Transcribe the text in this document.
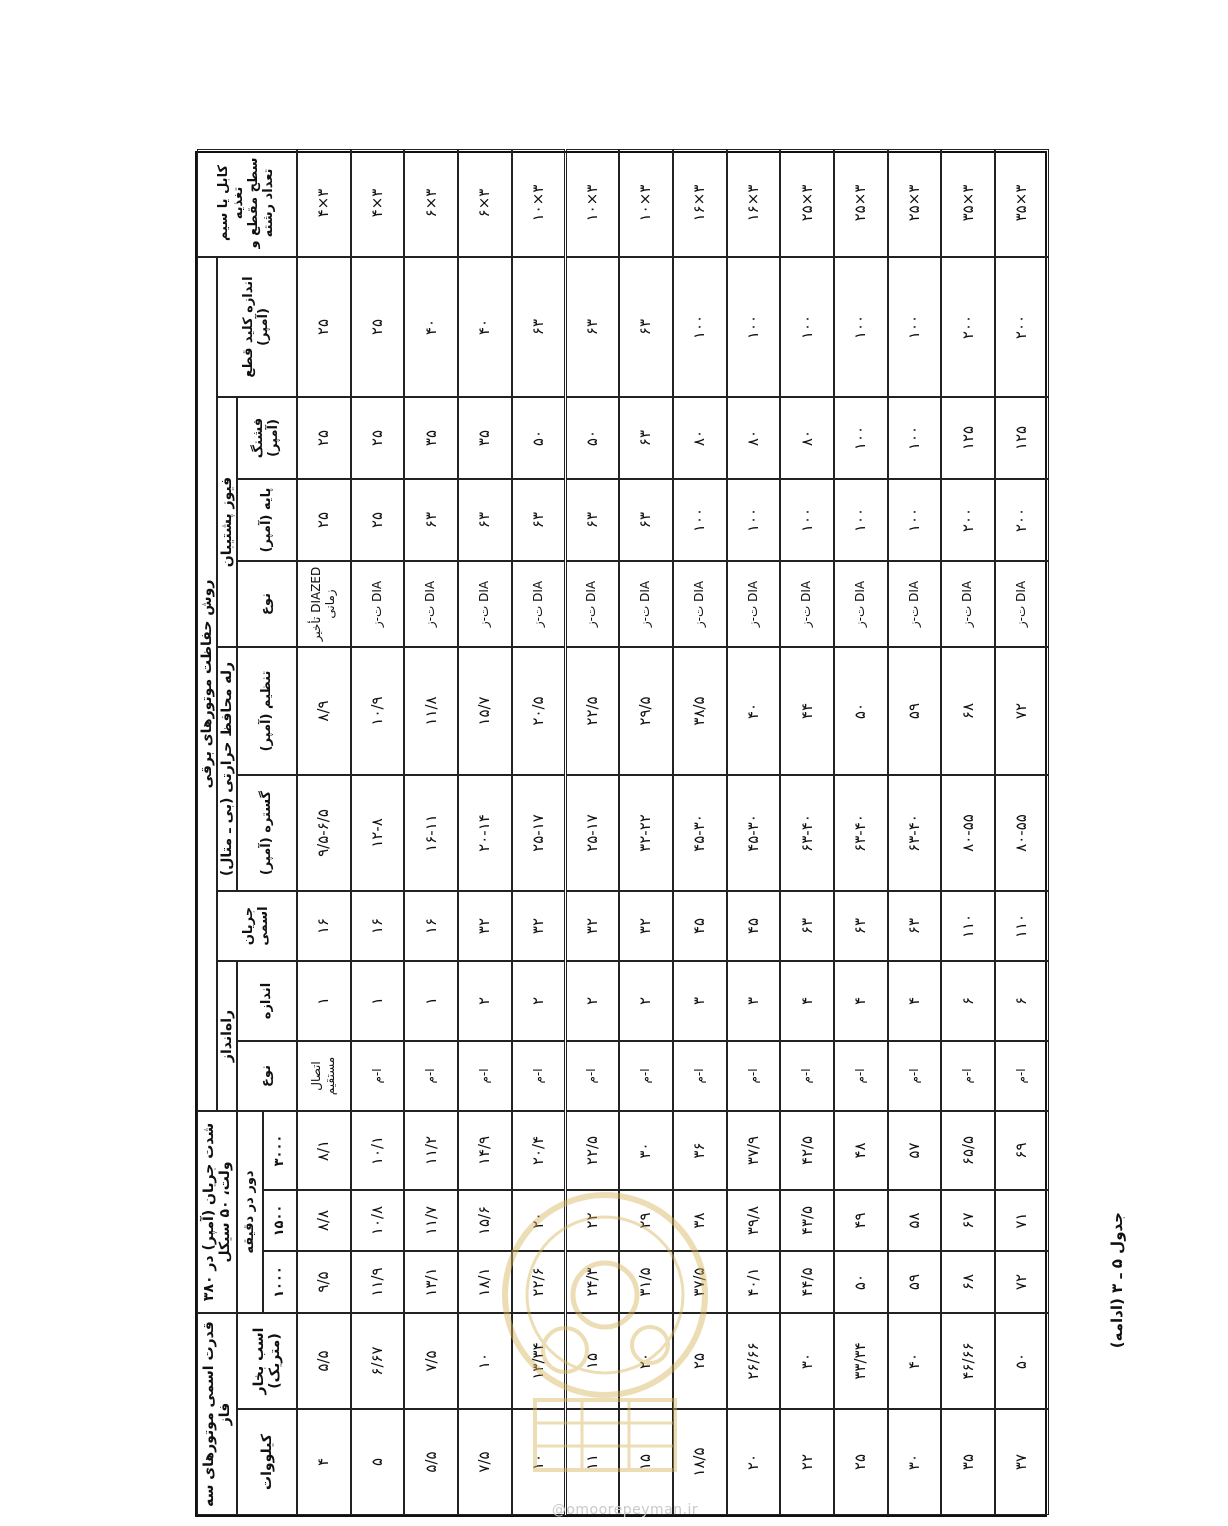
جدول ۵ ـ ۳ (ادامه)
قدرت اسمی موتورهای سه فاز
کیلووات
اسب بخار (متریک)
شدت جریان (آمپر) در ۳۸۰ ولت، ۵۰ سیکل دور در دقیقه
۱۰۰۰
۱۵۰۰
۳۰۰۰
روش حفاظت موتورهای برقی
راه‌انداز
نوع
اندازه
جریان اسمی
رله محافظ حرارتی (بی ـ متال)	گستره (آمپر)
تنظیم (آمپر)
فیوز پشتیبان
نوع
پایه (آمپر)
فشنگ (آمپر)
اندازه کلید قطع (آمپر)
کابل یا سیم تغذیه
سطح مقطع و تعداد رشته
۴
۵/۵
۹/۵
۸/۸
۸/۱
اتصال مستقیم
۱
۱۶
۹/۵-۶/۵
۸/۹
DIAZED تأخیر زمانی
۲۵
۲۵
۲۵
۳×۴
۵
۶/۶۷
۱۱/۹
۱۰/۸
۱۰/۱
ا-م
۱
۱۶
۱۲-۸
۱۰/۹
DIA ت-ز
۲۵
۲۵
۲۵
۳×۴
۵/۵
۷/۵
۱۳/۱
۱۱/۷
۱۱/۲
ا-م
۱
۱۶
۱۶-۱۱
۱۱/۸
DIA ت-ز
۶۳
۳۵
۴۰
۳×۶
۷/۵
۱۰
۱۸/۱
۱۵/۶
۱۴/۹
ا-م
۲
۳۲
۲۰-۱۴
۱۵/۷
DIA ت-ز
۶۳
۳۵
۴۰
۳×۶
۱۰
۱۳/۳۴
۲۲/۶
۲۰
۲۰/۴
ا-م
۲
۳۲
۲۵-۱۷
۲۰/۵
DIA ت-ز
۶۳
۵۰
۶۳
۳×۱۰
۱۱
۱۵
۲۴/۳
۲۲
۲۲/۵
ا-م
۲
۳۲
۲۵-۱۷
۲۲/۵
DIA ت-ز
۶۳
۵۰
۶۳
۳×۱۰
۱۵
۲۰
۳۱/۵
۲۹
۳۰
ا-م
۲
۳۲
۳۲-۲۲
۲۹/۵
DIA ت-ز
۶۳
۶۳
۶۳
۳×۱۰
۱۸/۵
۲۵
۳۷/۵
۳۸
۳۶
ا-م
۳
۴۵
۴۵-۳۰
۳۸/۵
DIA ت-ز
۱۰۰
۸۰
۱۰۰
۳×۱۶
۲۰
۲۶/۶۶
۴۰/۱
۳۹/۸
۳۷/۹
ا-م
۳
۴۵
۴۵-۳۰
۴۰
DIA ت-ز
۱۰۰
۸۰
۱۰۰
۳×۱۶
۲۲
۳۰
۴۴/۵
۴۳/۵
۴۲/۵
ا-م
۴
۶۳
۶۳-۴۰
۴۴
DIA ت-ز
۱۰۰
۸۰
۱۰۰
۳×۲۵
۲۵
۳۳/۳۴
۵۰
۴۹
۴۸
ا-م
۴
۶۳
۶۳-۴۰
۵۰
DIA ت-ز
۱۰۰
۱۰۰
۱۰۰
۳×۲۵
۳۰
۴۰
۵۹
۵۸
۵۷
ا-م
۴
۶۳
۶۳-۴۰
۵۹
DIA ت-ز
۱۰۰
۱۰۰
۱۰۰
۳×۲۵
۳۵
۴۶/۶۶
۶۸
۶۷
۶۵/۵
ا-م
۶
۱۱۰
۸۰-۵۵
۶۸
DIA ت-ز
۲۰۰
۱۲۵
۲۰۰
۳×۳۵
۳۷
۵۰
۷۲
۷۱
۶۹
ا-م
۶
۱۱۰
۸۰-۵۵
۷۲
DIA ت-ز
۲۰۰
۱۲۵
۲۰۰
۳×۳۵
@omoorepeyman.ir
